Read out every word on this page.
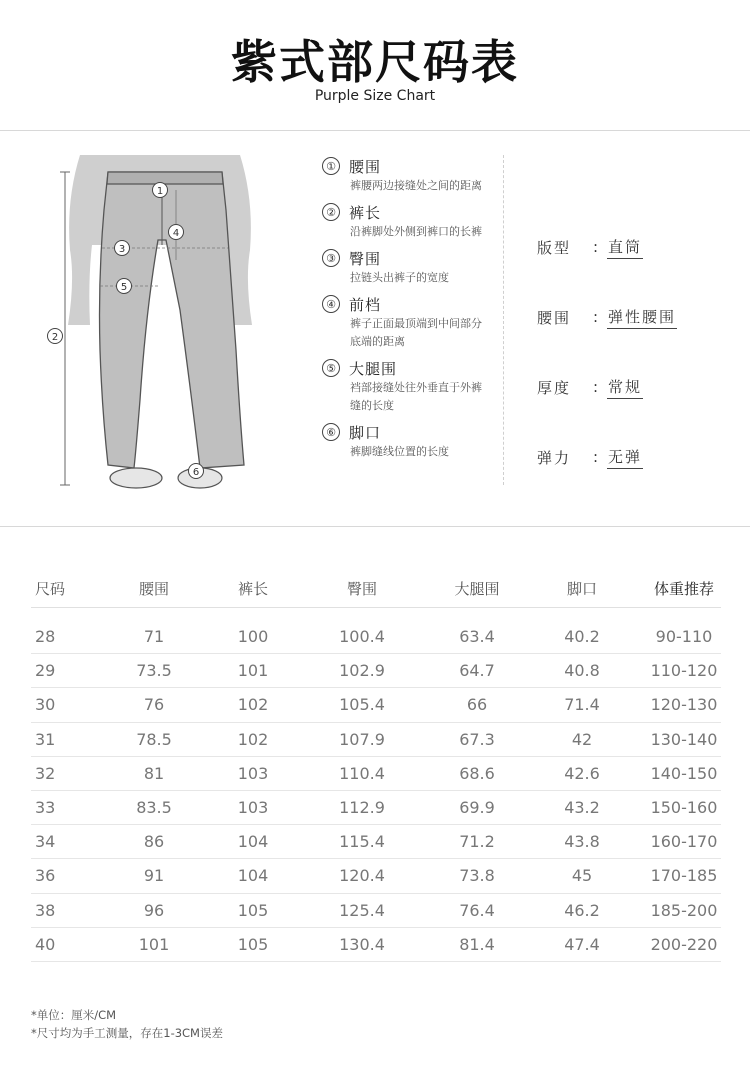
紫式部尺码表
Purple Size Chart
1
2
3
4
5
6
① 腰围
裤腰两边接缝处之间的距离
② 裤长
沿裤脚处外侧到裤口的长裤
③ 臀围
拉链头出裤子的宽度
④ 前档
裤子正面最顶端到中间部分底端的距离
⑤ 大腿围
裆部接缝处往外垂直于外裤缝的长度
⑥ 脚口
裤脚缝线位置的长度
版型	: 直筒
腰围	: 弹性腰围
厚度	: 常规
弹力	: 无弹
尺码	腰围	裤长	臀围	大腿围	脚口	体重推荐
28	71	100	100.4	63.4	40.2	90-110
29	73.5	101	102.9	64.7	40.8	110-120
30	76	102	105.4	66	71.4	120-130
31	78.5	102	107.9	67.3	42	130-140
32	81	103	110.4	68.6	42.6	140-150
33	83.5	103	112.9	69.9	43.2	150-160
34	86	104	115.4	71.2	43.8	160-170
36	91	104	120.4	73.8	45	170-185
38	96	105	125.4	76.4	46.2	185-200
40	101	105	130.4	81.4	47.4	200-220
*单位：厘米/CM
*尺寸均为手工测量，存在1-3CM误差
